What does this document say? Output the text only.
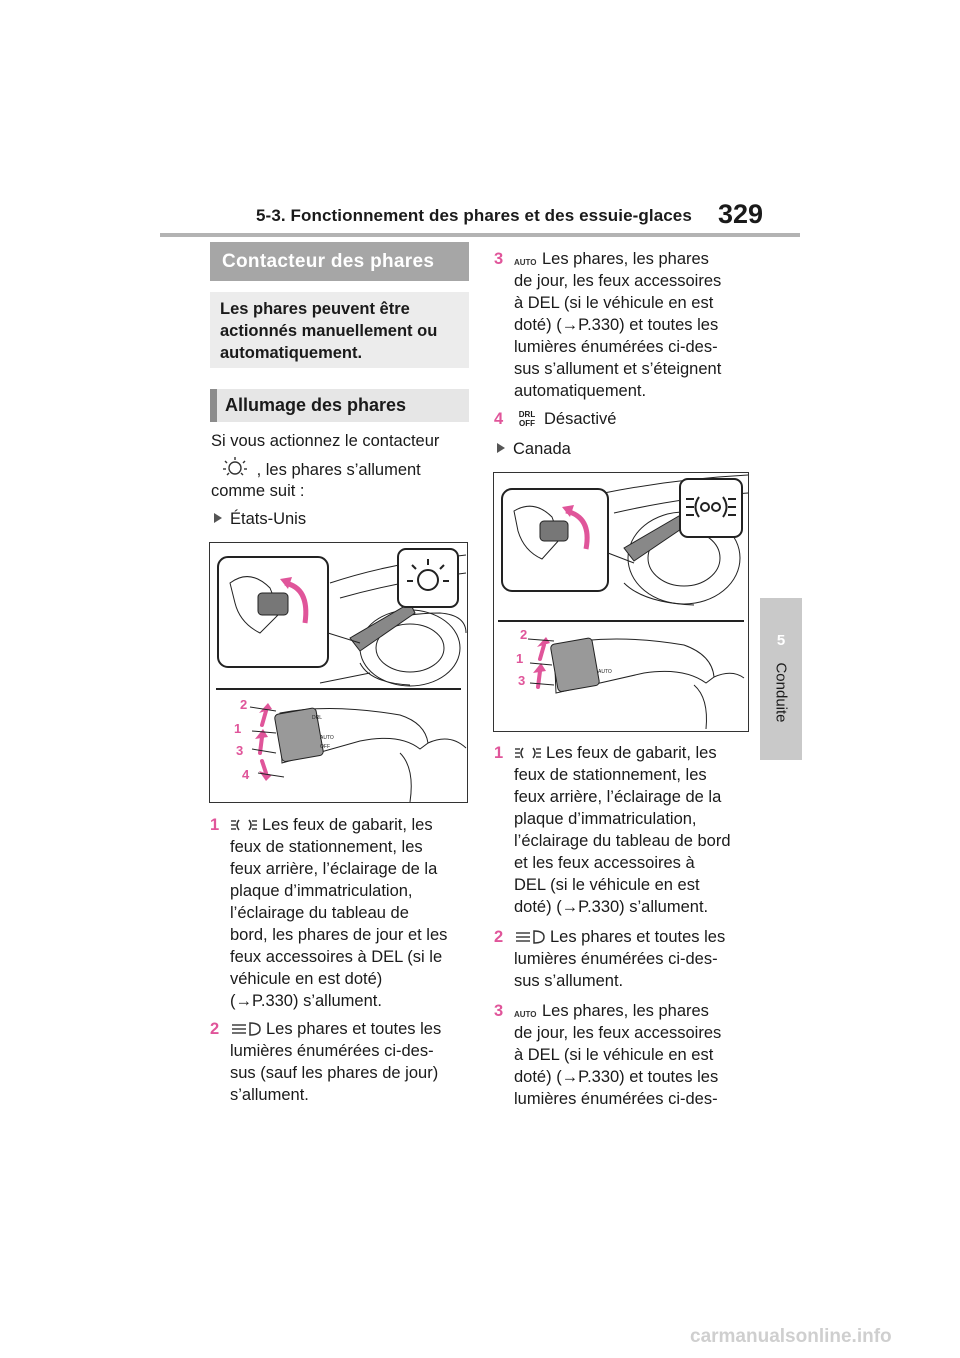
5-3. Fonctionnement des phares et des essuie-glaces 329
5
Conduite
Contacteur des phares
Les phares peuvent être actionnés manuellement ou automatiquement.
Allumage des phares
Si vous actionnez le contacteur
, les phares s’allument
comme suit :
États-Unis
DRL
AUTO
OFF
2
1
3
4
1	Les feux de gabarit, les
feux de stationnement, les
feux arrière, l’éclairage de la
plaque d’immatriculation,
l’éclairage du tableau de
bord, les phares de jour et les
feux accessoires à DEL (si le
véhicule en est doté)
(→P.330) s’allument.
2	Les phares et toutes les
lumières énumérées ci-des-
sus (sauf les phares de jour)
s’allument.
3 AUTO Les phares, les phares
de jour, les feux accessoires
à DEL (si le véhicule en est
doté) (→P.330) et toutes les
lumières énumérées ci-des-
sus s’allument et s’éteignent
automatiquement.
4	DRL
OFF Désactivé
Canada
AUTO
2
1
3
1	Les feux de gabarit, les
feux de stationnement, les
feux arrière, l’éclairage de la
plaque d’immatriculation,
l’éclairage du tableau de bord
et les feux accessoires à
DEL (si le véhicule en est
doté) (→P.330) s’allument.
2	Les phares et toutes les
lumières énumérées ci-des-
sus s’allument.
3 AUTO Les phares, les phares
de jour, les feux accessoires
à DEL (si le véhicule en est
doté) (→P.330) et toutes les
lumières énumérées ci-des-
carmanualsonline.info
